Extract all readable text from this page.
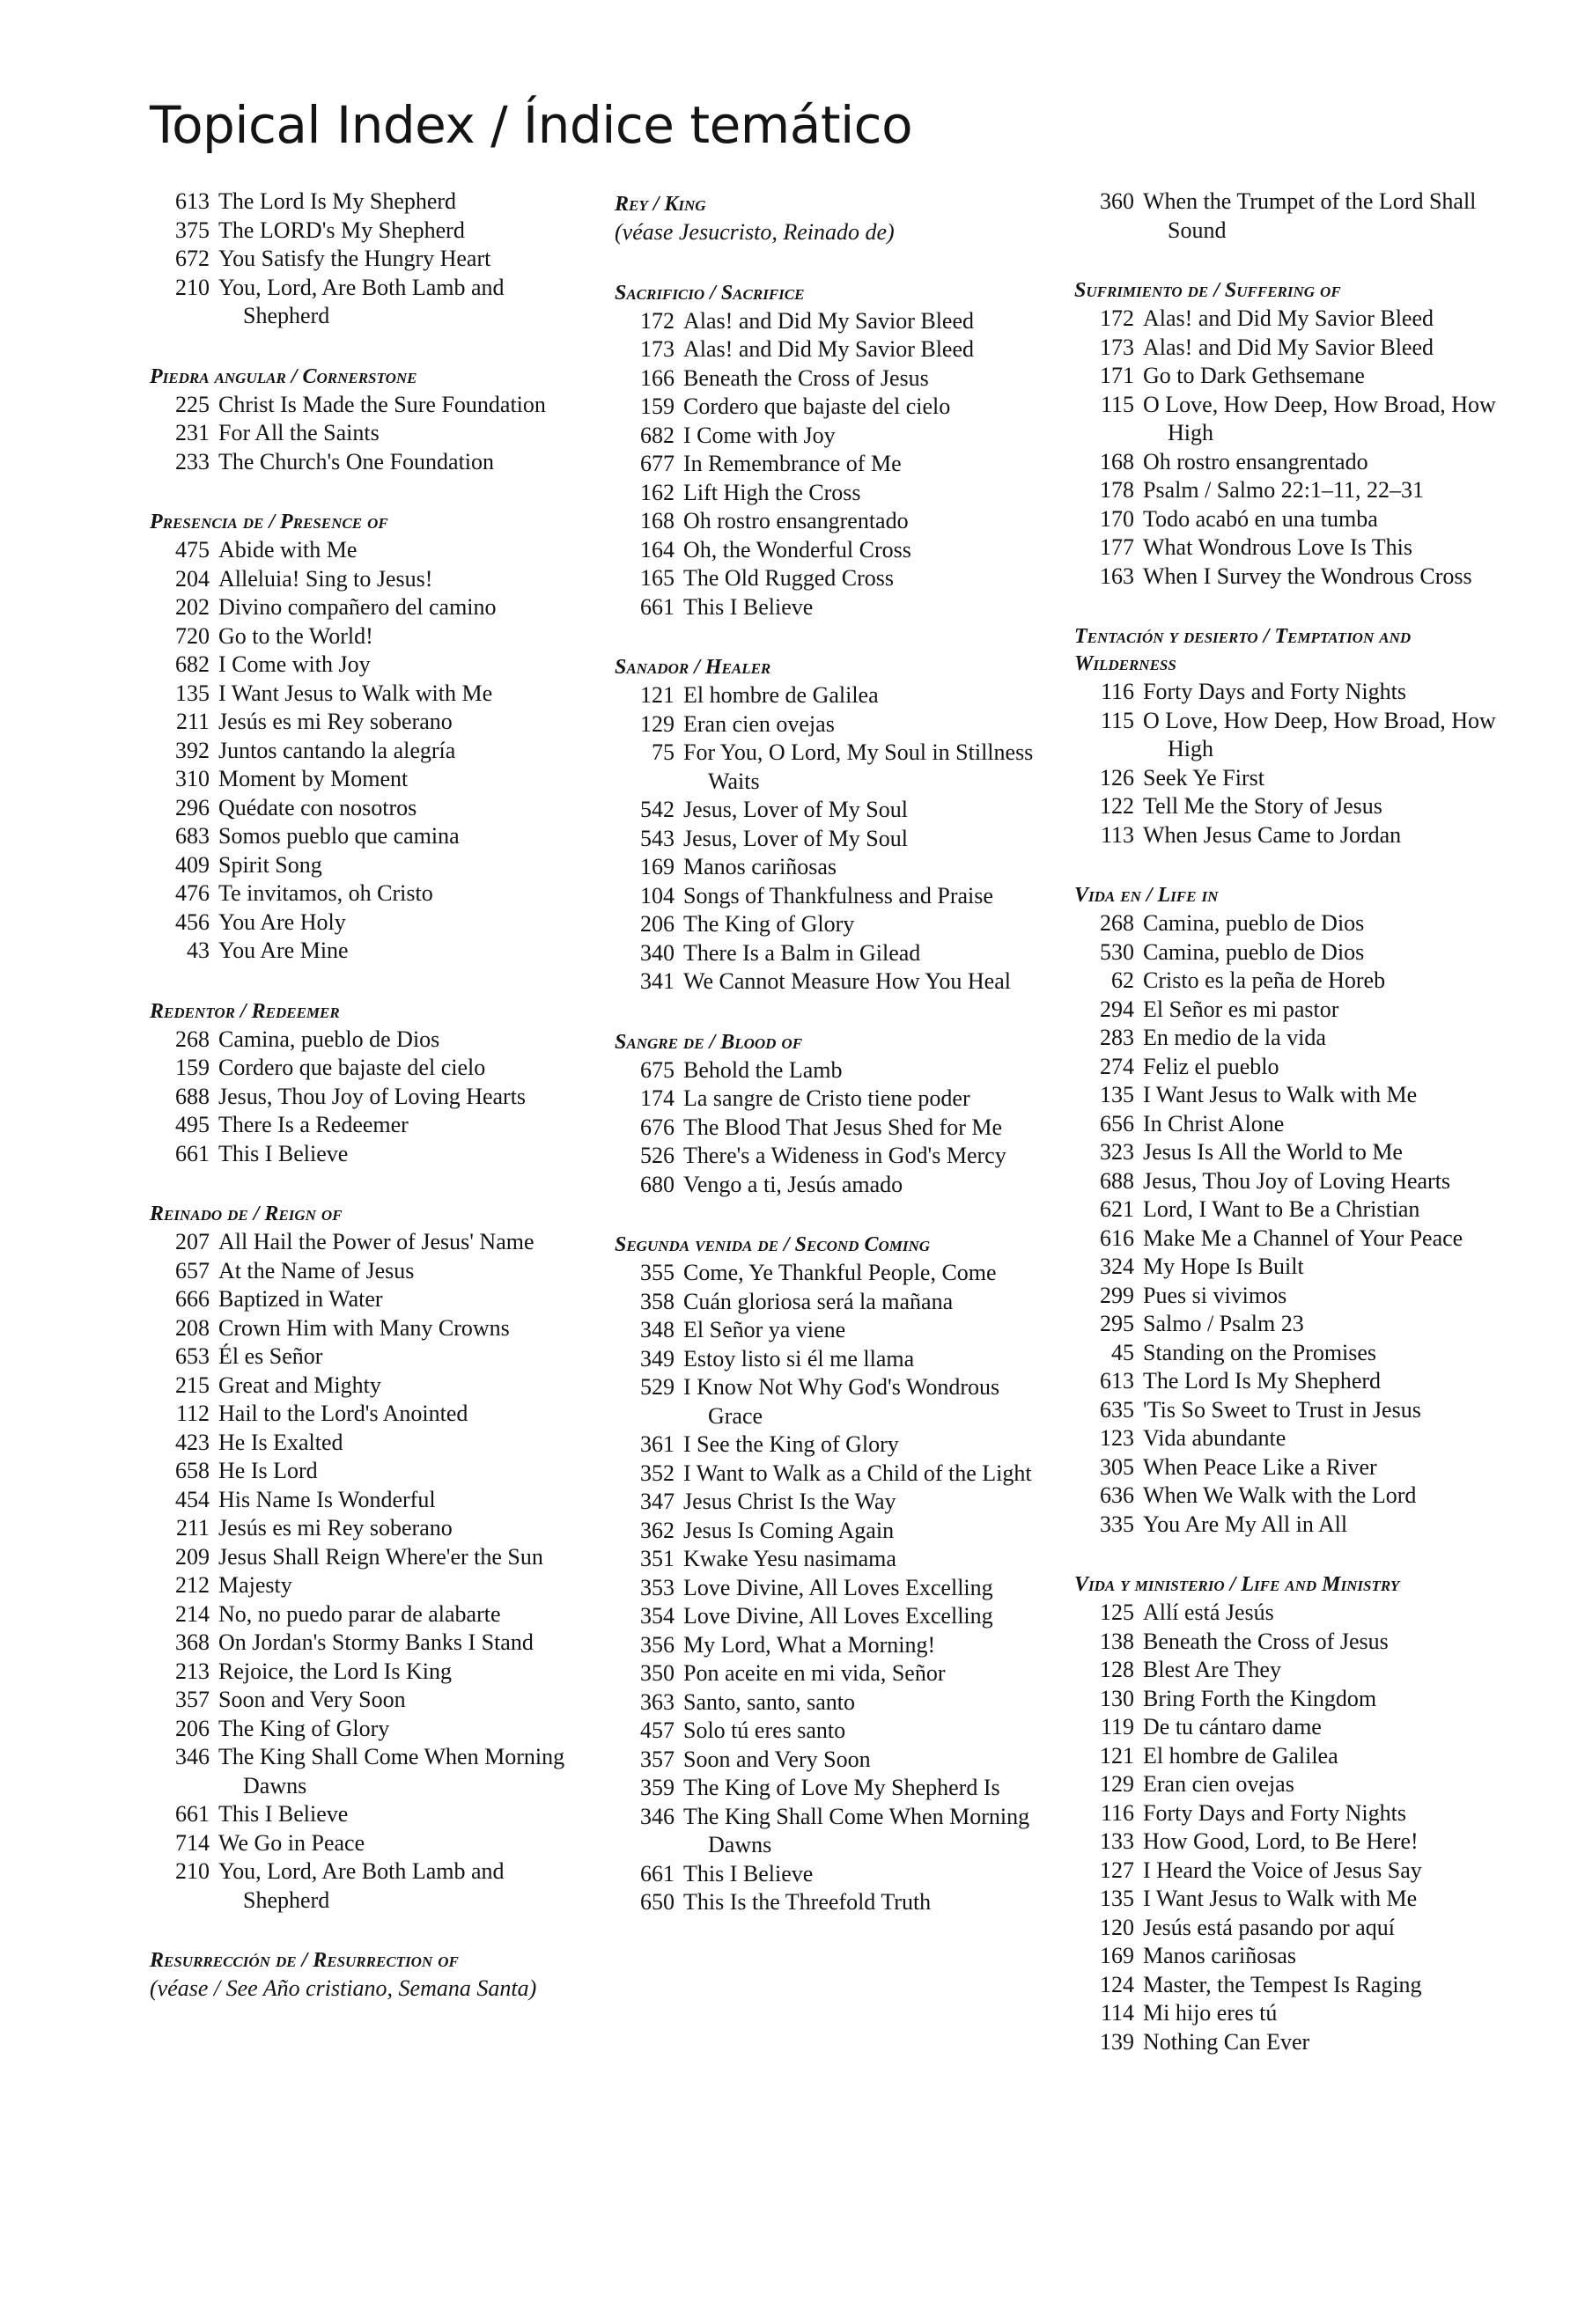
Topical Index / Índice temático
613 The Lord Is My Shepherd
375 The LORD's My Shepherd
672 You Satisfy the Hungry Heart
210 You, Lord, Are Both Lamb and Shepherd
Piedra angular / Cornerstone
225 Christ Is Made the Sure Foundation
231 For All the Saints
233 The Church's One Foundation
Presencia de / Presence of
475 Abide with Me
204 Alleluia! Sing to Jesus!
202 Divino compañero del camino
720 Go to the World!
682 I Come with Joy
135 I Want Jesus to Walk with Me
211 Jesús es mi Rey soberano
392 Juntos cantando la alegría
310 Moment by Moment
296 Quédate con nosotros
683 Somos pueblo que camina
409 Spirit Song
476 Te invitamos, oh Cristo
456 You Are Holy
43 You Are Mine
Redentor / Redeemer
268 Camina, pueblo de Dios
159 Cordero que bajaste del cielo
688 Jesus, Thou Joy of Loving Hearts
495 There Is a Redeemer
661 This I Believe
Reinado de / Reign of
207 All Hail the Power of Jesus' Name
657 At the Name of Jesus
666 Baptized in Water
208 Crown Him with Many Crowns
653 Él es Señor
215 Great and Mighty
112 Hail to the Lord's Anointed
423 He Is Exalted
658 He Is Lord
454 His Name Is Wonderful
211 Jesús es mi Rey soberano
209 Jesus Shall Reign Where'er the Sun
212 Majesty
214 No, no puedo parar de alabarte
368 On Jordan's Stormy Banks I Stand
213 Rejoice, the Lord Is King
357 Soon and Very Soon
206 The King of Glory
346 The King Shall Come When Morning Dawns
661 This I Believe
714 We Go in Peace
210 You, Lord, Are Both Lamb and Shepherd
Resurrección de / Resurrection of
(véase / See Año cristiano, Semana Santa)
Rey / King
(véase Jesucristo, Reinado de)
Sacrificio / Sacrifice
172 Alas! and Did My Savior Bleed
173 Alas! and Did My Savior Bleed
166 Beneath the Cross of Jesus
159 Cordero que bajaste del cielo
682 I Come with Joy
677 In Remembrance of Me
162 Lift High the Cross
168 Oh rostro ensangrentado
164 Oh, the Wonderful Cross
165 The Old Rugged Cross
661 This I Believe
Sanador / Healer
121 El hombre de Galilea
129 Eran cien ovejas
75 For You, O Lord, My Soul in Stillness Waits
542 Jesus, Lover of My Soul
543 Jesus, Lover of My Soul
169 Manos cariñosas
104 Songs of Thankfulness and Praise
206 The King of Glory
340 There Is a Balm in Gilead
341 We Cannot Measure How You Heal
Sangre de / Blood of
675 Behold the Lamb
174 La sangre de Cristo tiene poder
676 The Blood That Jesus Shed for Me
526 There's a Wideness in God's Mercy
680 Vengo a ti, Jesús amado
Segunda venida de / Second Coming
355 Come, Ye Thankful People, Come
358 Cuán gloriosa será la mañana
348 El Señor ya viene
349 Estoy listo si él me llama
529 I Know Not Why God's Wondrous Grace
361 I See the King of Glory
352 I Want to Walk as a Child of the Light
347 Jesus Christ Is the Way
362 Jesus Is Coming Again
351 Kwake Yesu nasimama
353 Love Divine, All Loves Excelling
354 Love Divine, All Loves Excelling
356 My Lord, What a Morning!
350 Pon aceite en mi vida, Señor
363 Santo, santo, santo
457 Solo tú eres santo
357 Soon and Very Soon
359 The King of Love My Shepherd Is
346 The King Shall Come When Morning Dawns
661 This I Believe
650 This Is the Threefold Truth
360 When the Trumpet of the Lord Shall Sound
Sufrimiento de / Suffering of
172 Alas! and Did My Savior Bleed
173 Alas! and Did My Savior Bleed
171 Go to Dark Gethsemane
115 O Love, How Deep, How Broad, How High
168 Oh rostro ensangrentado
178 Psalm / Salmo 22:1–11, 22–31
170 Todo acabó en una tumba
177 What Wondrous Love Is This
163 When I Survey the Wondrous Cross
Tentación y desierto / Temptation and Wilderness
116 Forty Days and Forty Nights
115 O Love, How Deep, How Broad, How High
126 Seek Ye First
122 Tell Me the Story of Jesus
113 When Jesus Came to Jordan
Vida en / Life in
268 Camina, pueblo de Dios
530 Camina, pueblo de Dios
62 Cristo es la peña de Horeb
294 El Señor es mi pastor
283 En medio de la vida
274 Feliz el pueblo
135 I Want Jesus to Walk with Me
656 In Christ Alone
323 Jesus Is All the World to Me
688 Jesus, Thou Joy of Loving Hearts
621 Lord, I Want to Be a Christian
616 Make Me a Channel of Your Peace
324 My Hope Is Built
299 Pues si vivimos
295 Salmo / Psalm 23
45 Standing on the Promises
613 The Lord Is My Shepherd
635 'Tis So Sweet to Trust in Jesus
123 Vida abundante
305 When Peace Like a River
636 When We Walk with the Lord
335 You Are My All in All
Vida y ministerio / Life and Ministry
125 Allí está Jesús
138 Beneath the Cross of Jesus
128 Blest Are They
130 Bring Forth the Kingdom
119 De tu cántaro dame
121 El hombre de Galilea
129 Eran cien ovejas
116 Forty Days and Forty Nights
133 How Good, Lord, to Be Here!
127 I Heard the Voice of Jesus Say
135 I Want Jesus to Walk with Me
120 Jesús está pasando por aquí
169 Manos cariñosas
124 Master, the Tempest Is Raging
114 Mi hijo eres tú
139 Nothing Can Ever
